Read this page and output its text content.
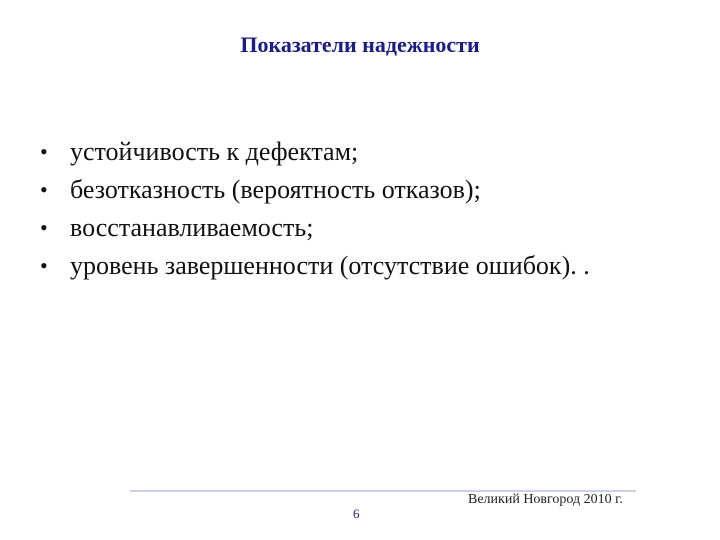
Показатели надежности
• устойчивость к дефектам;
• безотказность (вероятность отказов);
• восстанавливаемость;
• уровень завершенности (отсутствие ошибок). .
6
Великий Новгород 2010 г.
